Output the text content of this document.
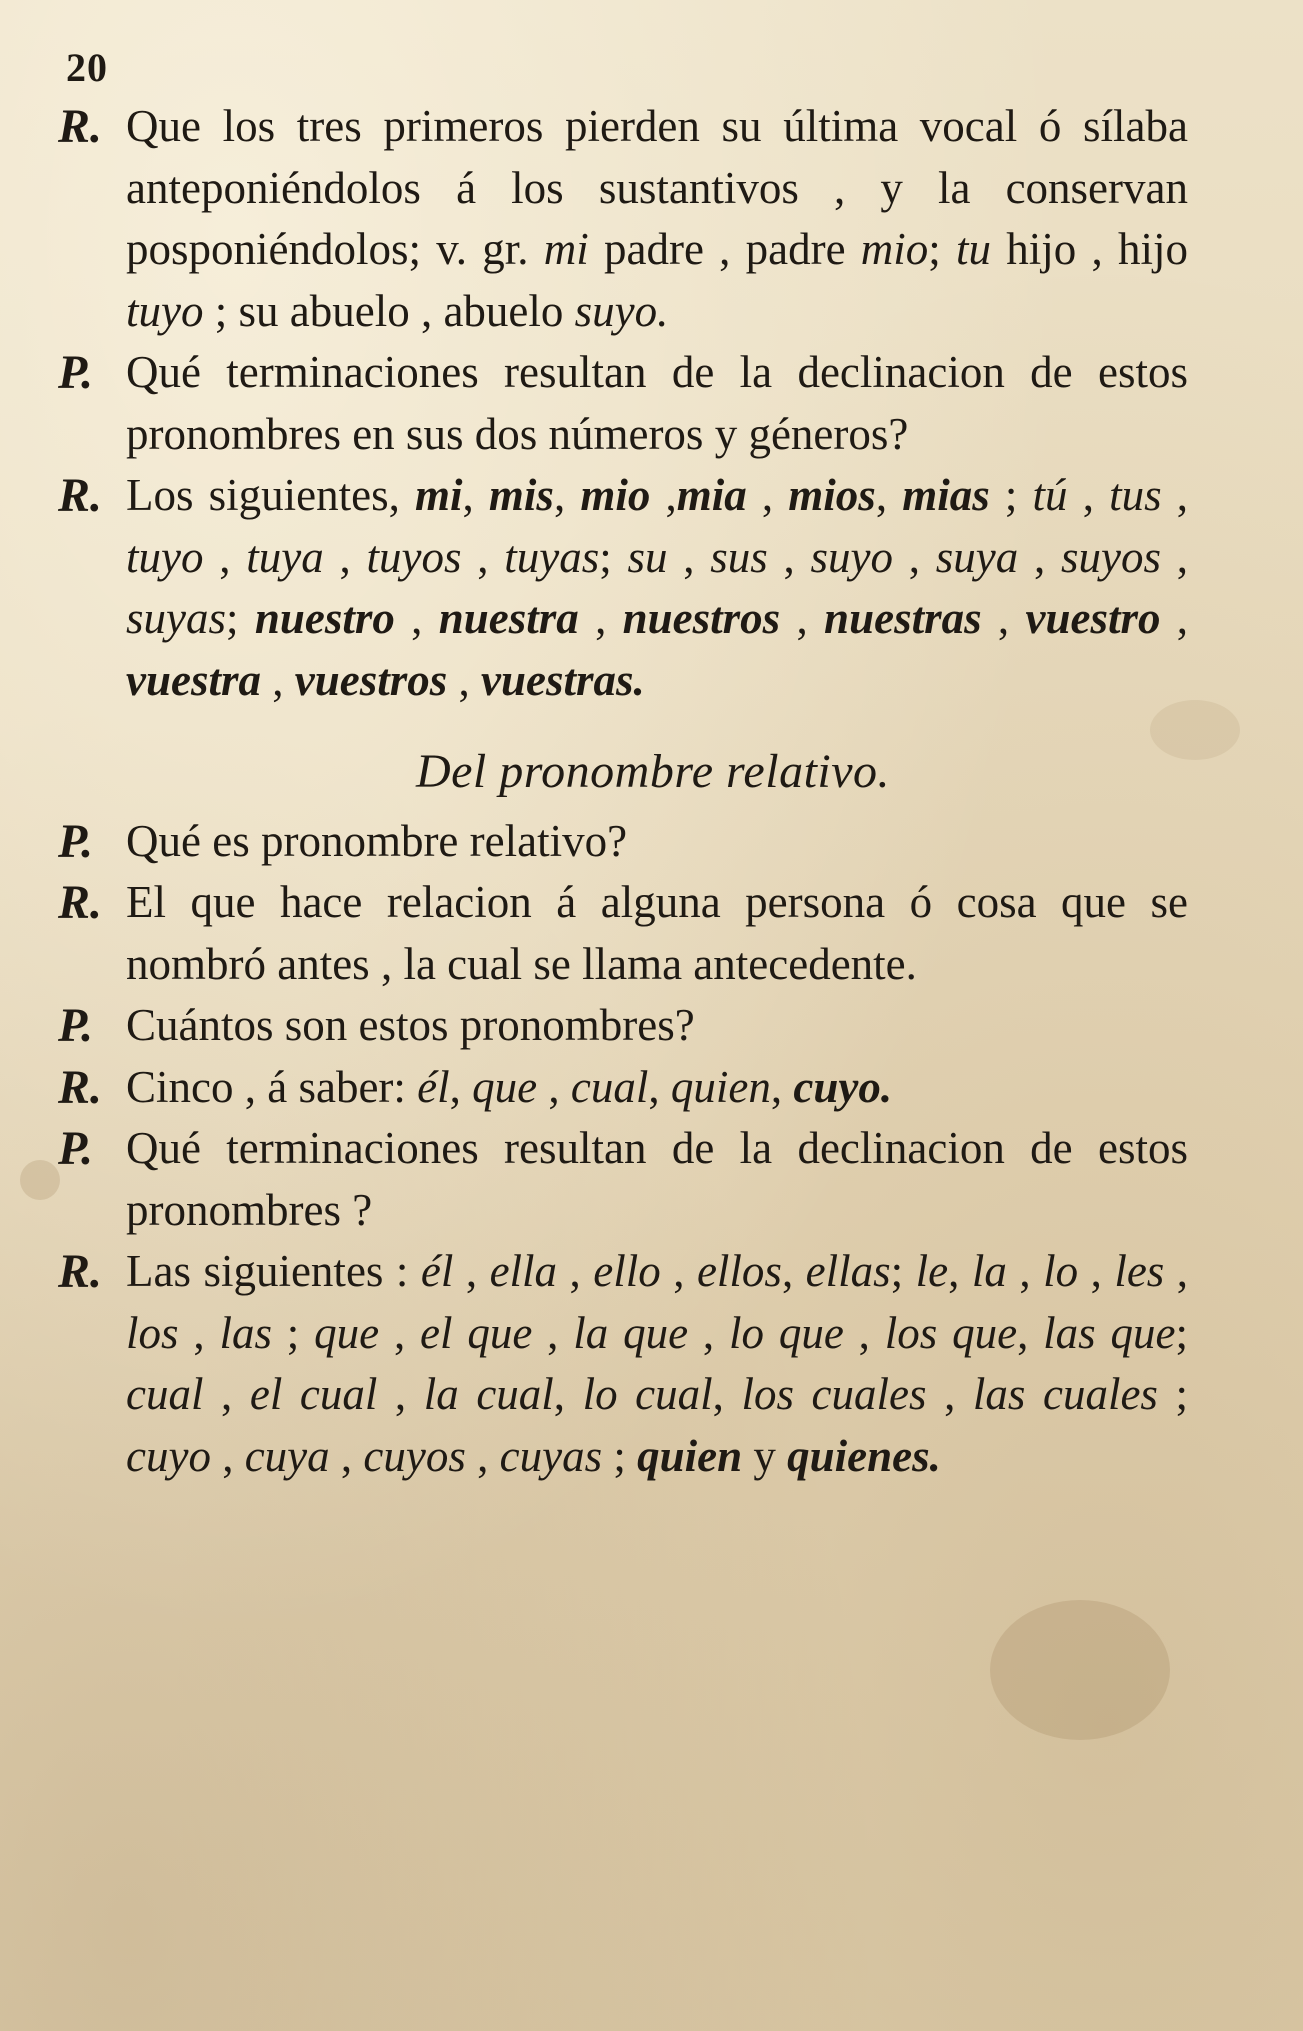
20
R. Que los tres primeros pierden su última vocal ó sílaba anteponiéndolos á los sustantivos , y la conservan posponiéndolos; v. gr. mi padre , padre mio; tu hijo , hijo tuyo ; su abuelo , abuelo suyo.
P. Qué terminaciones resultan de la declinacion de estos pronombres en sus dos números y géneros?
R. Los siguientes, mi, mis, mio ,mia , mios, mias ; tú , tus , tuyo , tuya , tuyos , tuyas; su , sus , suyo , suya , suyos , suyas; nuestro , nuestra , nuestros , nuestras , vuestro , vuestra , vuestros , vuestras.
Del pronombre relativo.
P. Qué es pronombre relativo?
R. El que hace relacion á alguna persona ó cosa que se nombró antes , la cual se llama antecedente.
P. Cuántos son estos pronombres?
R. Cinco , á saber: él, que , cual, quien, cuyo.
P. Qué terminaciones resultan de la declinacion de estos pronombres ?
R. Las siguientes : él , ella , ello , ellos, ellas; le, la , lo , les , los , las ; que , el que , la que , lo que , los que, las que; cual , el cual , la cual, lo cual, los cuales , las cuales ; cuyo , cuya , cuyos , cuyas ; quien y quienes.
